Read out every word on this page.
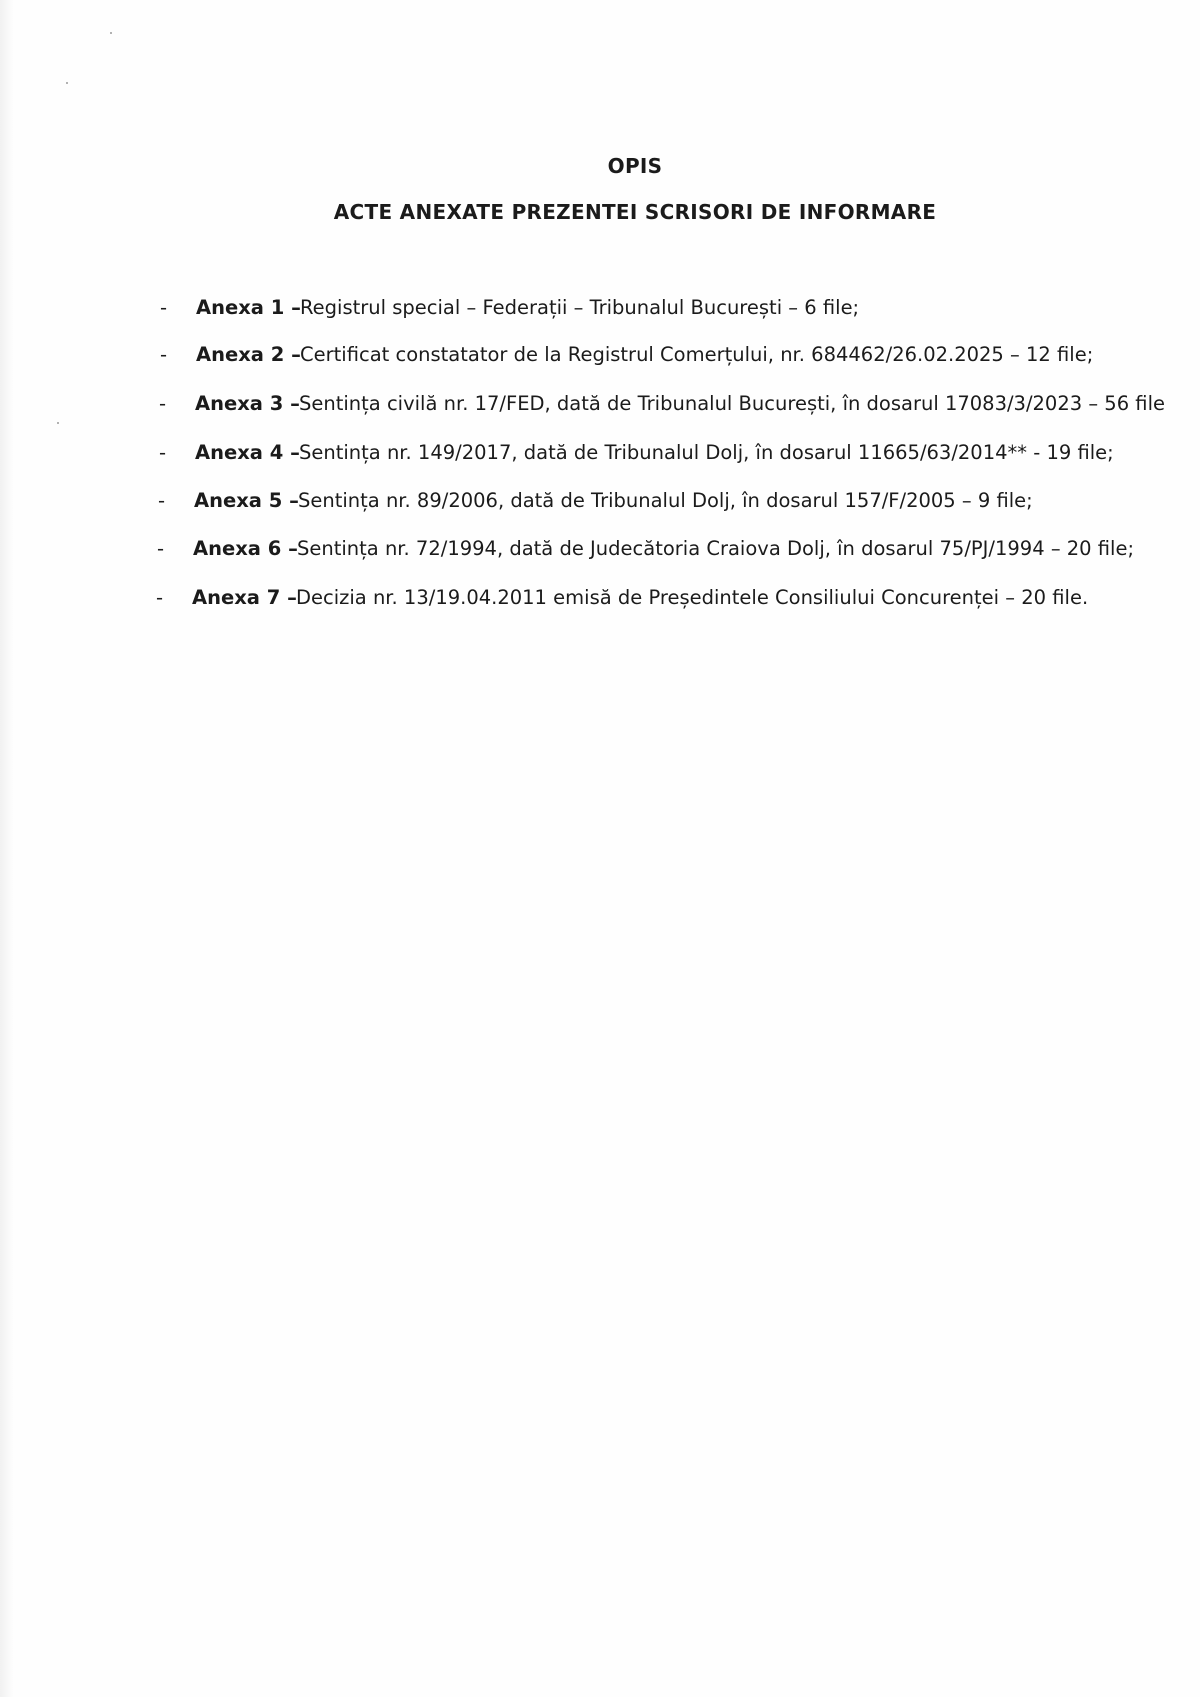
OPIS
ACTE ANEXATE PREZENTEI SCRISORI DE INFORMARE
- Anexa 1 – Registrul special – Federații – Tribunalul București – 6 file;
- Anexa 2 – Certificat constatator de la Registrul Comerțului, nr. 684462/26.02.2025 – 12 file;
- Anexa 3 – Sentința civilă nr. 17/FED, dată de Tribunalul București, în dosarul 17083/3/2023 – 56 file
- Anexa 4 – Sentința nr. 149/2017, dată de Tribunalul Dolj, în dosarul 11665/63/2014** - 19 file;
- Anexa 5 – Sentința nr. 89/2006, dată de Tribunalul Dolj, în dosarul 157/F/2005 – 9 file;
- Anexa 6 – Sentința nr. 72/1994, dată de Judecătoria Craiova Dolj, în dosarul 75/PJ/1994 – 20 file;
- Anexa 7 – Decizia nr. 13/19.04.2011 emisă de Președintele Consiliului Concurenței – 20 file.
